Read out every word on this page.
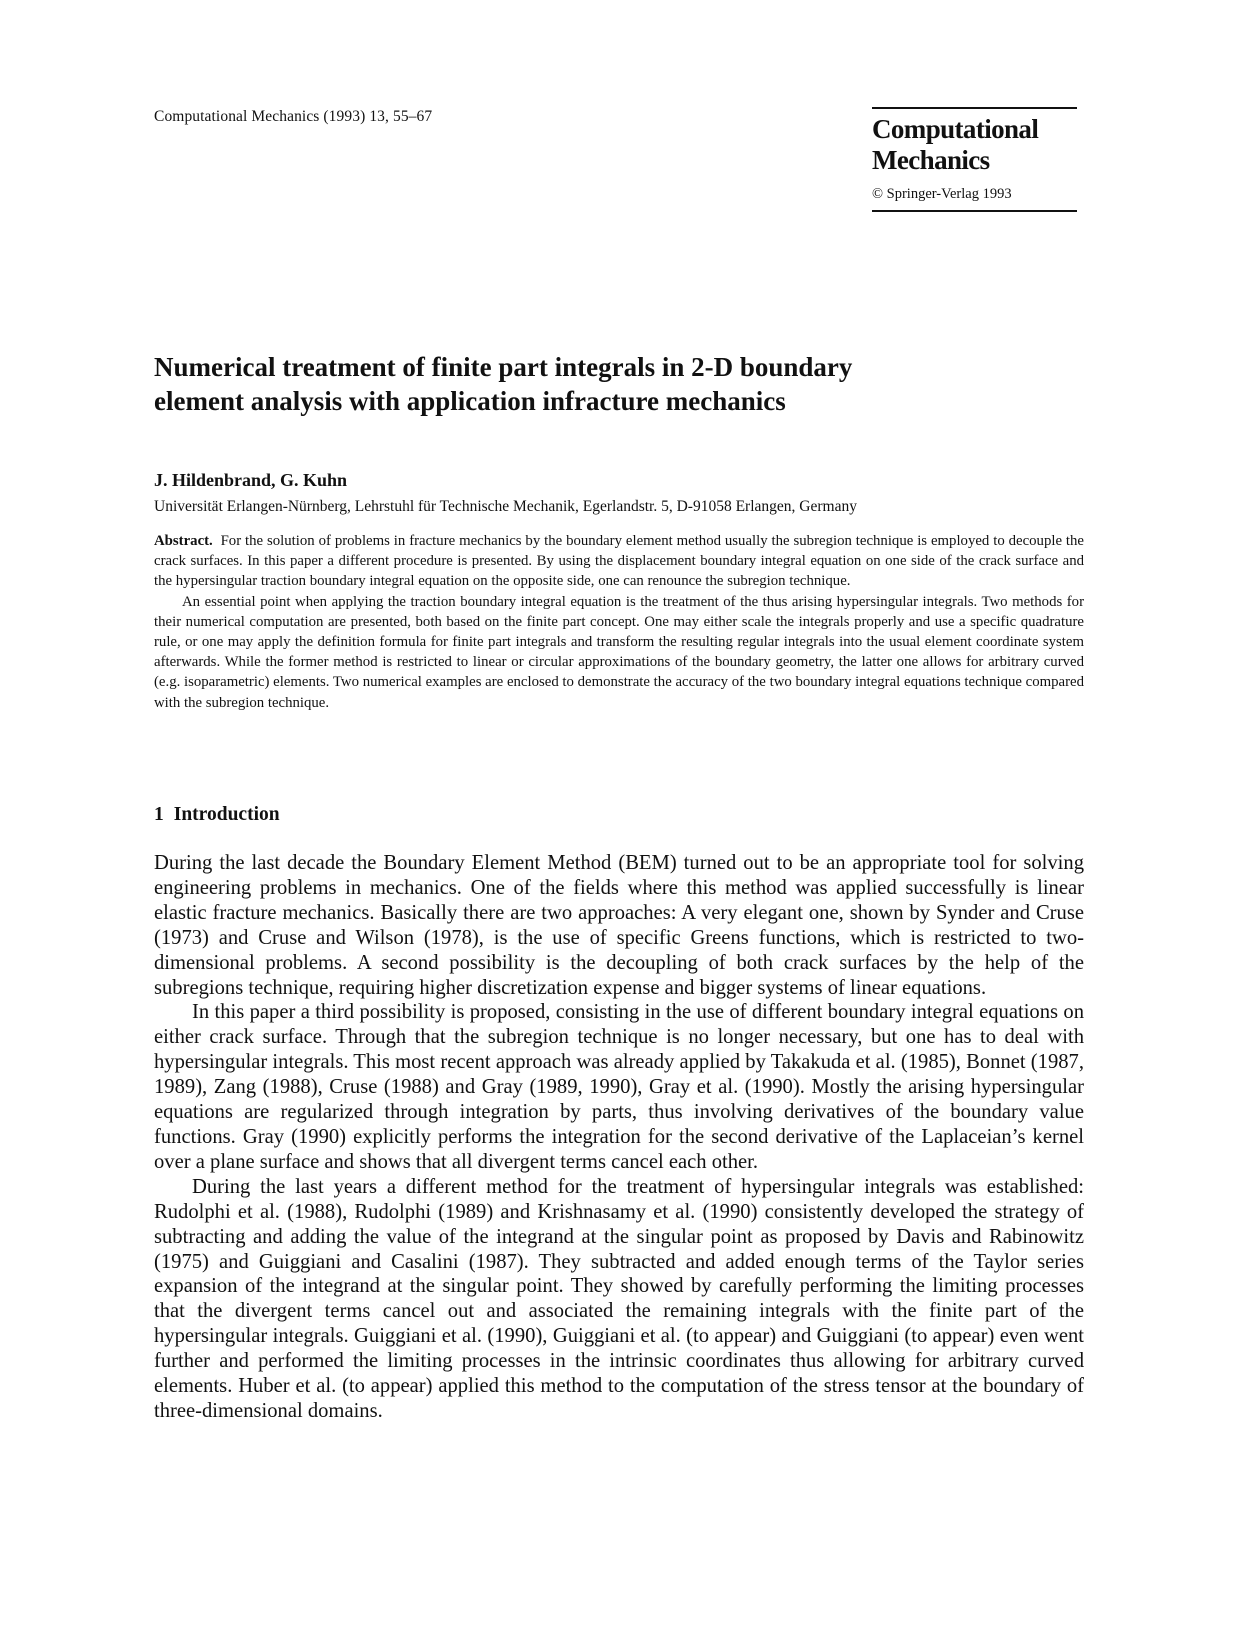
Computational Mechanics (1993) 13, 55–67	Computational
Mechanics
© Springer-Verlag 1993
Numerical treatment of finite part integrals in 2-D boundary
element analysis with application infracture mechanics
J. Hildenbrand, G. Kuhn
Universität Erlangen-Nürnberg, Lehrstuhl für Technische Mechanik, Egerlandstr. 5, D-91058 Erlangen, Germany

Abstract. For the solution of problems in fracture mechanics by the boundary element method usually the subregion technique is employed to decouple the crack surfaces. In this paper a different procedure is presented. By using the displacement boundary integral equation on one side of the crack surface and the hypersingular traction boundary integral equation on the opposite side, one can renounce the subregion technique.

An essential point when applying the traction boundary integral equation is the treatment of the thus arising hypersingular integrals. Two methods for their numerical computation are presented, both based on the finite part concept. One may either scale the integrals properly and use a specific quadrature rule, or one may apply the definition formula for finite part integrals and transform the resulting regular integrals into the usual element coordinate system afterwards. While the former method is restricted to linear or circular approximations of the boundary geometry, the latter one allows for arbitrary curved (e.g. isoparametric) elements. Two numerical examples are enclosed to demonstrate the accuracy of the two boundary integral equations technique compared with the subregion technique.

1 Introduction

During the last decade the Boundary Element Method (BEM) turned out to be an appropriate tool for solving engineering problems in mechanics. One of the fields where this method was applied successfully is linear elastic fracture mechanics. Basically there are two approaches: A very elegant one, shown by Synder and Cruse (1973) and Cruse and Wilson (1978), is the use of specific Greens functions, which is restricted to two-dimensional problems. A second possibility is the decoupling of both crack surfaces by the help of the subregions technique, requiring higher discretization expense and bigger systems of linear equations.

In this paper a third possibility is proposed, consisting in the use of different boundary integral equations on either crack surface. Through that the subregion technique is no longer necessary, but one has to deal with hypersingular integrals. This most recent approach was already applied by Takakuda et al. (1985), Bonnet (1987, 1989), Zang (1988), Cruse (1988) and Gray (1989, 1990), Gray et al. (1990). Mostly the arising hypersingular equations are regularized through integration by parts, thus involving derivatives of the boundary value functions. Gray (1990) explicitly performs the integration for the second derivative of the Laplaceian’s kernel over a plane surface and shows that all divergent terms cancel each other.

During the last years a different method for the treatment of hypersingular integrals was established: Rudolphi et al. (1988), Rudolphi (1989) and Krishnasamy et al. (1990) consistently developed the strategy of subtracting and adding the value of the integrand at the singular point as proposed by Davis and Rabinowitz (1975) and Guiggiani and Casalini (1987). They subtracted and added enough terms of the Taylor series expansion of the integrand at the singular point. They showed by carefully performing the limiting processes that the divergent terms cancel out and associated the remaining integrals with the finite part of the hypersingular integrals. Guiggiani et al. (1990), Guiggiani et al. (to appear) and Guiggiani (to appear) even went further and performed the limiting processes in the intrinsic coordinates thus allowing for arbitrary curved elements. Huber et al. (to appear) applied this method to the computation of the stress tensor at the boundary of three-dimensional domains.
